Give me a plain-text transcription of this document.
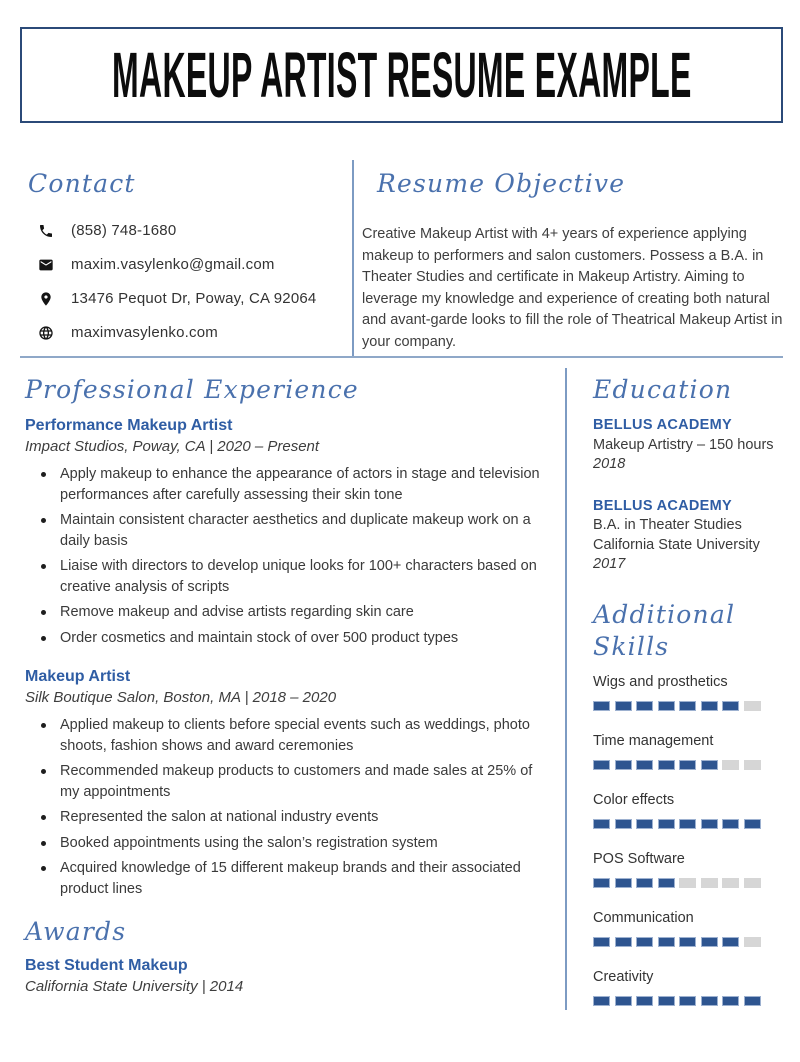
MAKEUP ARTIST RESUME EXAMPLE
Contact
(858) 748-1680
maxim.vasylenko@gmail.com
13476 Pequot Dr, Poway, CA 92064
maximvasylenko.com
Resume Objective

Creative Makeup Artist with 4+ years of experience applying makeup to performers and salon customers. Possess a B.A. in Theater Studies and certificate in Makeup Artistry. Aiming to leverage my knowledge and experience of creating both natural and avant-garde looks to fill the role of Theatrical Makeup Artist in your company.

Professional Experience
Performance Makeup Artist
Impact Studios, Poway, CA | 2020 – Present
Apply makeup to enhance the appearance of actors in stage and television performances after carefully assessing their skin tone
Maintain consistent character aesthetics and duplicate makeup work on a daily basis
Liaise with directors to develop unique looks for 100+ characters based on creative analysis of scripts
Remove makeup and advise artists regarding skin care
Order cosmetics and maintain stock of over 500 product types
Makeup Artist
Silk Boutique Salon, Boston, MA | 2018 – 2020
Applied makeup to clients before special events such as weddings, photo shoots, fashion shows and award ceremonies
Recommended makeup products to customers and made sales at 25% of my appointments
Represented the salon at national industry events
Booked appointments using the salon’s registration system
Acquired knowledge of 15 different makeup brands and their associated product lines
Awards
Best Student Makeup
California State University | 2014
Education
BELLUS ACADEMY
Makeup Artistry – 150 hours
2018
BELLUS ACADEMY
B.A. in Theater Studies
California State University
2017
Additional Skills
Wigs and prosthetics
Time management
Color effects
POS Software
Communication
Creativity
